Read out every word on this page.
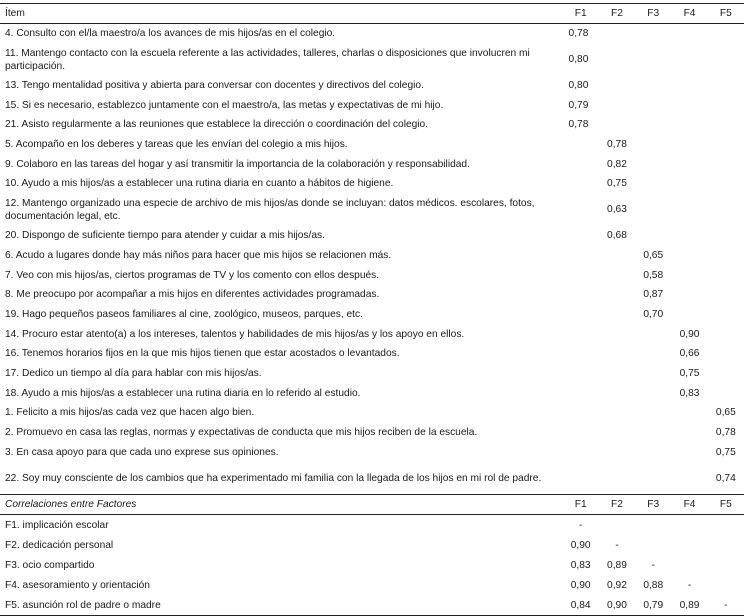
Ítem	F1	F2	F3	F4	F5
4. Consulto con el/la maestro/a los avances de mis hijos/as en el colegio.	0,78				
11. Mantengo contacto con la escuela referente a las actividades, talleres, charlas o disposiciones que involucren mi participación.	0,80				
13. Tengo mentalidad positiva y abierta para conversar con docentes y directivos del colegio.	0,80				
15. Si es necesario, establezco juntamente con el maestro/a, las metas y expectativas de mi hijo.	0,79				
21. Asisto regularmente a las reuniones que establece la dirección o coordinación del colegio.	0,78				
5. Acompaño en los deberes y tareas que les envían del colegio a mis hijos.		0,78			
9. Colaboro en las tareas del hogar y así transmitir la importancia de la colaboración y responsabilidad.		0,82			
10. Ayudo a mis hijos/as a establecer una rutina diaria en cuanto a hábitos de higiene.		0,75			
12. Mantengo organizado una especie de archivo de mis hijos/as donde se incluyan: datos médicos. escolares, fotos, documentación legal, etc.		0,63			
20. Dispongo de suficiente tiempo para atender y cuidar a mis hijos/as.		0,68			
6. Acudo a lugares donde hay más niños para hacer que mis hijos se relacionen más.			0,65		
7. Veo con mis hijos/as, ciertos programas de TV y los comento con ellos después.			0,58		
8. Me preocupo por acompañar a mis hijos en diferentes actividades programadas.			0,87		
19. Hago pequeños paseos familiares al cine, zoológico, museos, parques, etc.			0,70		
14. Procuro estar atento(a) a los intereses, talentos y habilidades de mis hijos/as y los apoyo en ellos.				0,90	
16. Tenemos horarios fijos en la que mis hijos tienen que estar acostados o levantados.				0,66	
17. Dedico un tiempo al día para hablar con mis hijos/as.				0,75	
18. Ayudo a mis hijos/as a establecer una rutina diaria en lo referido al estudio.				0,83	
1. Felicito a mis hijos/as cada vez que hacen algo bien.					0,65
2. Promuevo en casa las reglas, normas y expectativas de conducta que mis hijos reciben de la escuela.					0,78
3. En casa apoyo para que cada uno exprese sus opiniones.					0,75
22. Soy muy consciente de los cambios que ha experimentado mi familia con la llegada de los hijos en mi rol de padre.					0,74
Correlaciones entre Factores	F1	F2	F3	F4	F5
F1. implicación escolar	-				
F2. dedicación personal	0,90	-			
F3. ocio compartido	0,83	0,89	-		
F4. asesoramiento y orientación	0,90	0,92	0,88	-	
F5. asunción rol de padre o madre	0,84	0,90	0,79	0,89	-
